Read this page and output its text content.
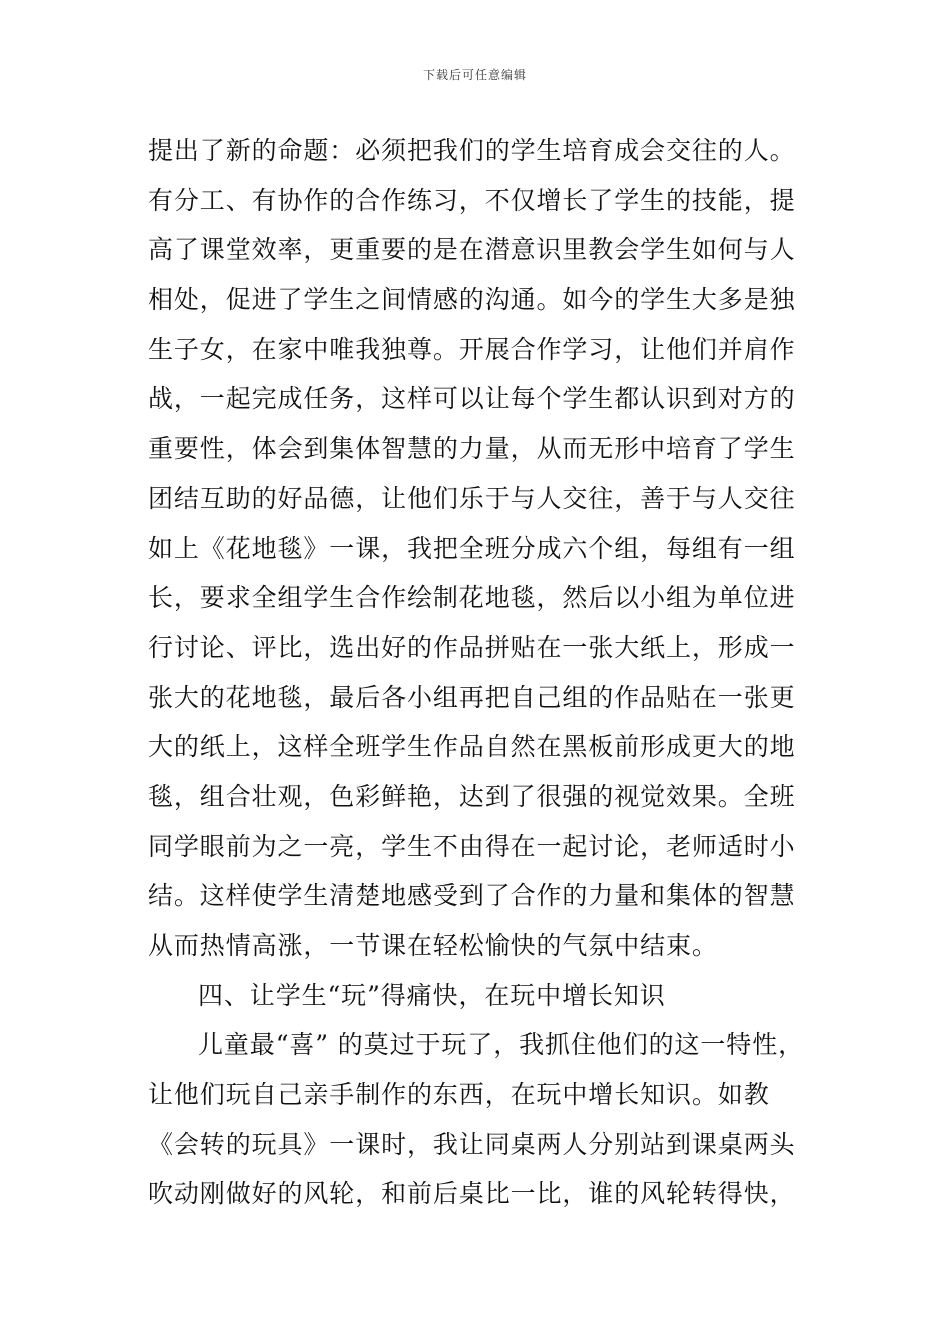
下载后可任意编辑
提出了新的命题：必须把我们的学生培育成会交往的人。
有分工、有协作的合作练习，不仅增长了学生的技能，提
高了课堂效率，更重要的是在潜意识里教会学生如何与人
相处，促进了学生之间情感的沟通。如今的学生大多是独
生子女，在家中唯我独尊。开展合作学习，让他们并肩作
战，一起完成任务，这样可以让每个学生都认识到对方的
重要性，体会到集体智慧的力量，从而无形中培育了学生
团结互助的好品德，让他们乐于与人交往，善于与人交往
如上《花地毯》一课，我把全班分成六个组，每组有一组
长，要求全组学生合作绘制花地毯，然后以小组为单位进
行讨论、评比，选出好的作品拼贴在一张大纸上，形成一
张大的花地毯，最后各小组再把自己组的作品贴在一张更
大的纸上，这样全班学生作品自然在黑板前形成更大的地
毯，组合壮观，色彩鲜艳，达到了很强的视觉效果。全班
同学眼前为之一亮，学生不由得在一起讨论，老师适时小
结。这样使学生清楚地感受到了合作的力量和集体的智慧
从而热情高涨，一节课在轻松愉快的气氛中结束。
四、让学生“玩”得痛快，在玩中增长知识
儿童最“喜” 的莫过于玩了，我抓住他们的这一特性，
让他们玩自己亲手制作的东西，在玩中增长知识。如教
《会转的玩具》一课时，我让同桌两人分别站到课桌两头
吹动刚做好的风轮，和前后桌比一比，谁的风轮转得快，
